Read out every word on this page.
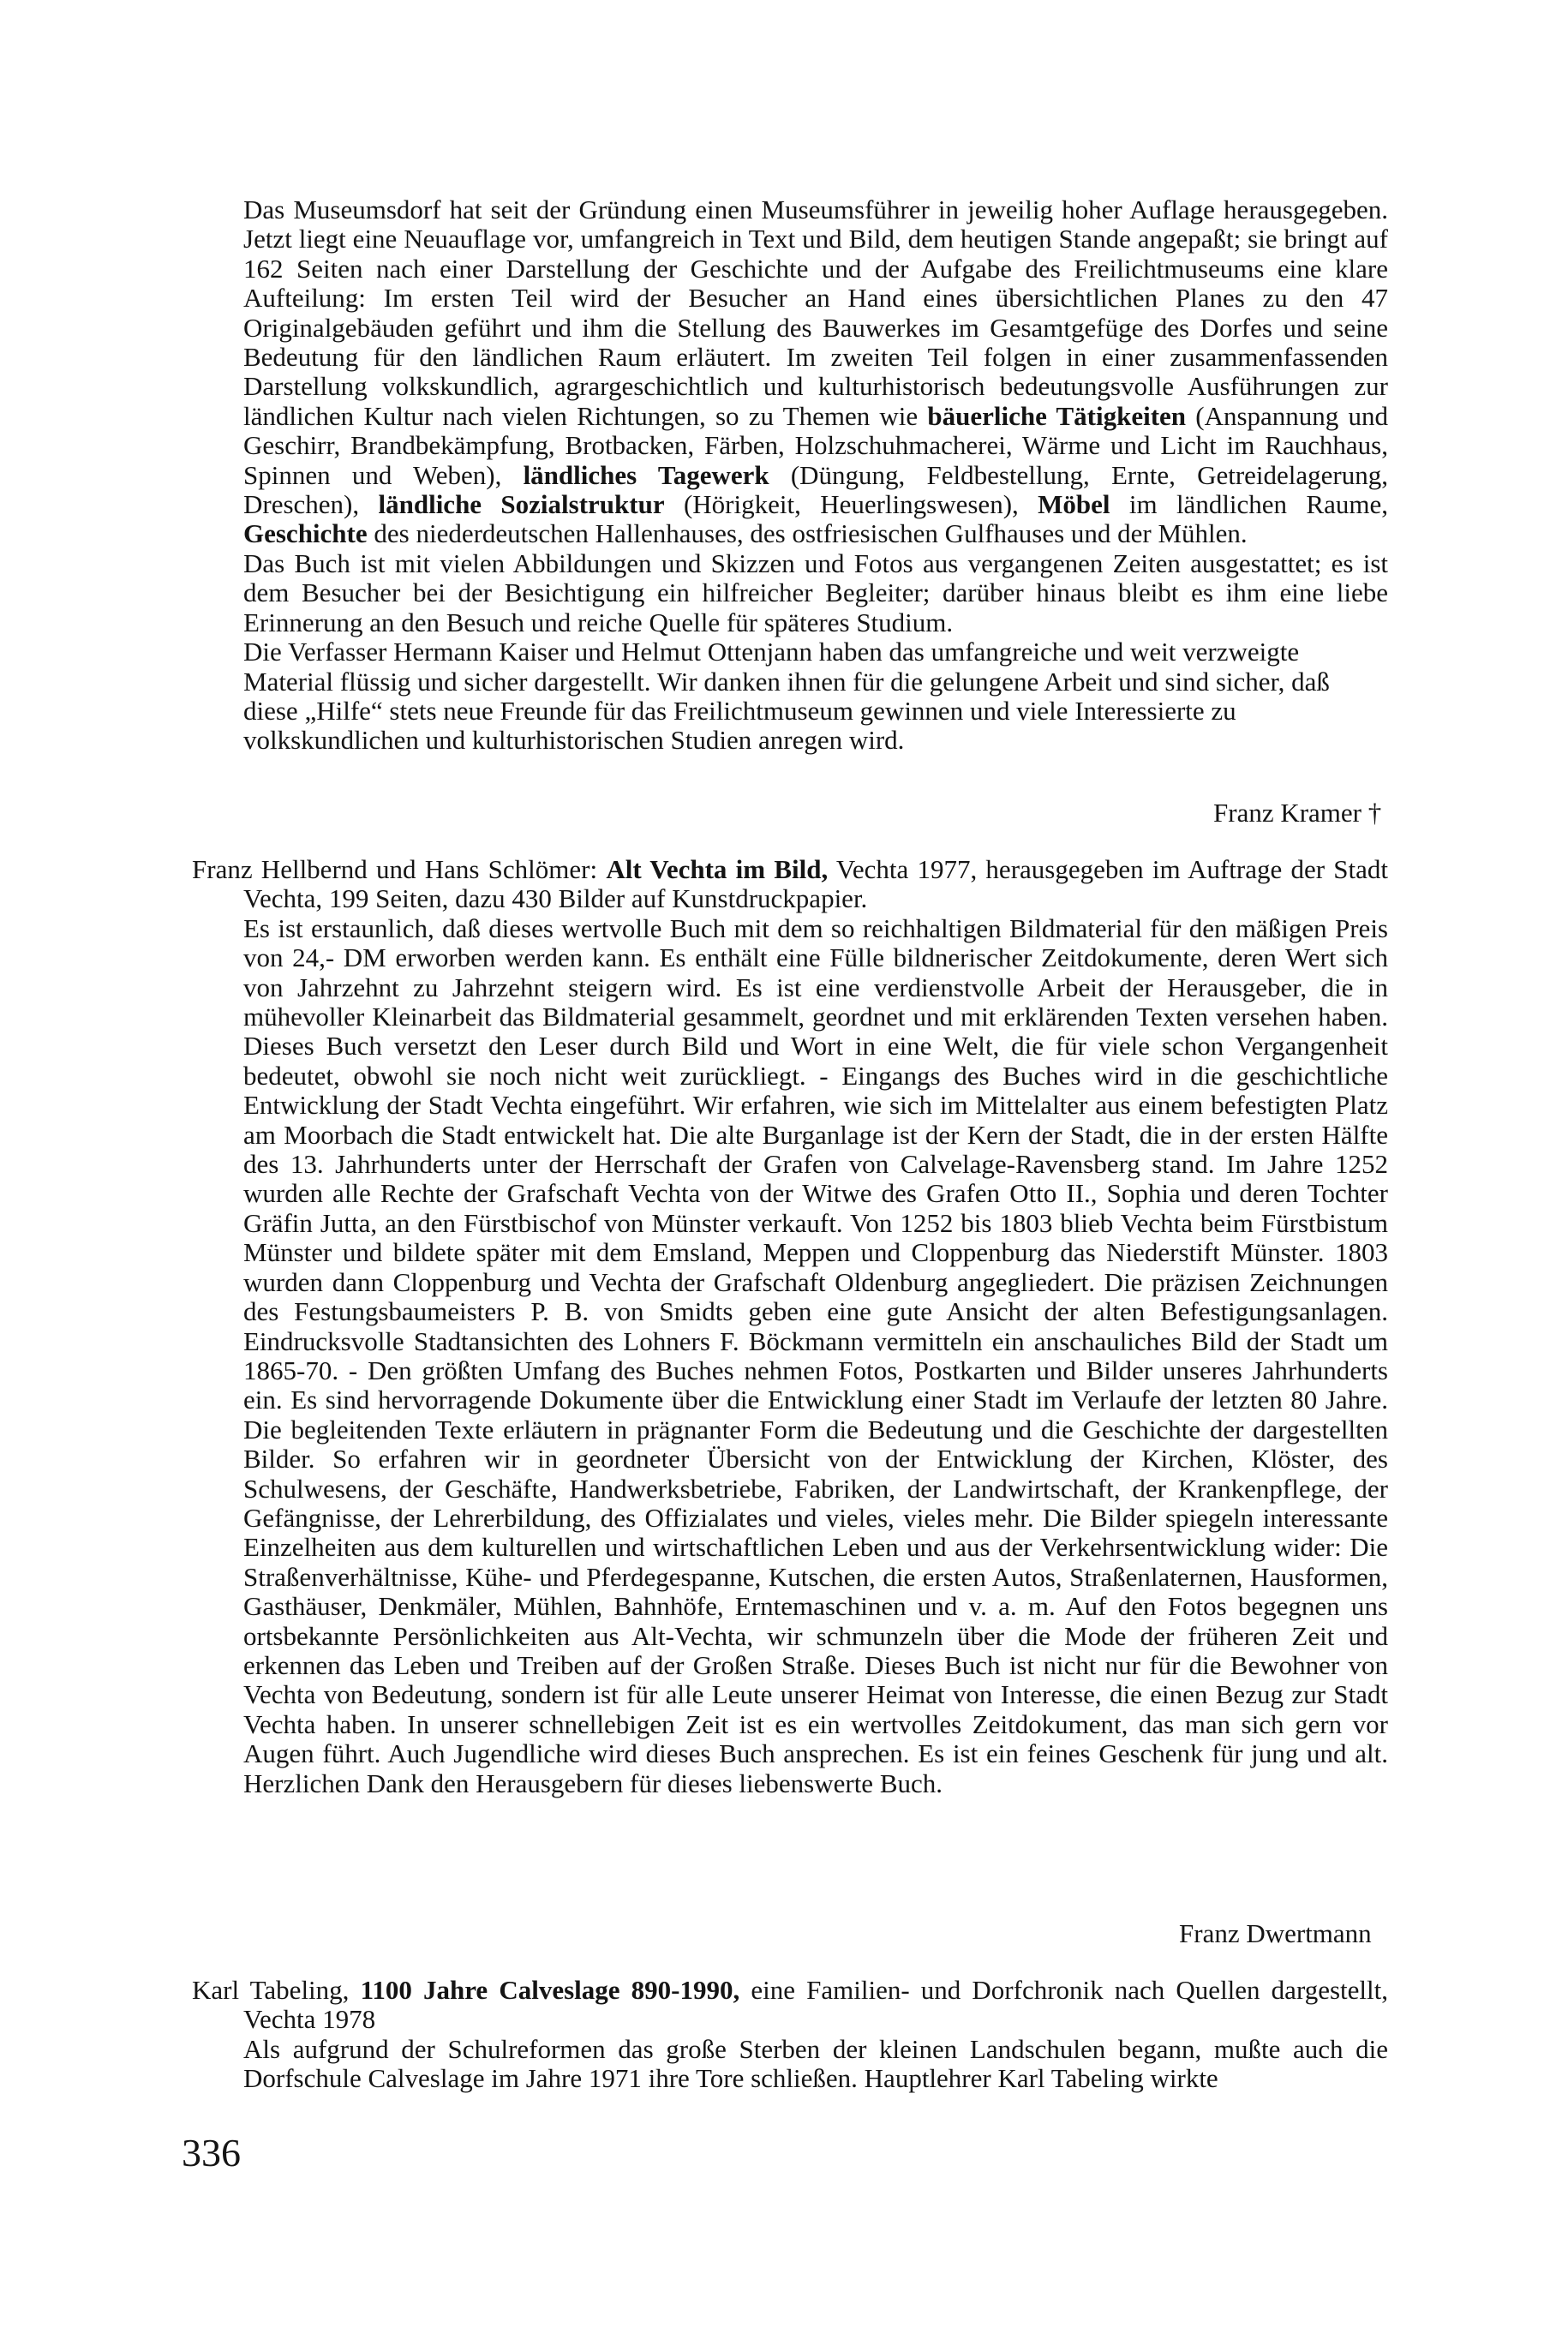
Das Museumsdorf hat seit der Gründung einen Museumsführer in jeweilig hoher Auflage herausgegeben. Jetzt liegt eine Neuauflage vor, umfangreich in Text und Bild, dem heutigen Stande angepaßt; sie bringt auf 162 Seiten nach einer Darstellung der Geschichte und der Aufgabe des Freilichtmuseums eine klare Aufteilung: Im ersten Teil wird der Besucher an Hand eines übersichtlichen Planes zu den 47 Originalgebäuden geführt und ihm die Stellung des Bauwerkes im Gesamtgefüge des Dorfes und seine Bedeutung für den ländlichen Raum erläutert. Im zweiten Teil folgen in einer zusammenfassenden Darstellung volkskundlich, agrargeschichtlich und kulturhistorisch bedeutungsvolle Ausführungen zur ländlichen Kultur nach vielen Richtungen, so zu Themen wie bäuerliche Tätigkeiten (Anspannung und Geschirr, Brandbekämpfung, Brotbacken, Färben, Holzschuhmacherei, Wärme und Licht im Rauchhaus, Spinnen und Weben), ländliches Tagewerk (Düngung, Feldbestellung, Ernte, Getreidelagerung, Dreschen), ländliche Sozialstruktur (Hörigkeit, Heuerlingswesen), Möbel im ländlichen Raume, Geschichte des niederdeutschen Hallenhauses, des ostfriesischen Gulfhauses und der Mühlen.

Das Buch ist mit vielen Abbildungen und Skizzen und Fotos aus vergangenen Zeiten ausgestattet; es ist dem Besucher bei der Besichtigung ein hilfreicher Begleiter; darüber hinaus bleibt es ihm eine liebe Erinnerung an den Besuch und reiche Quelle für späteres Studium.

Die Verfasser Hermann Kaiser und Helmut Ottenjann haben das umfangreiche und weit verzweigte Material flüssig und sicher dargestellt. Wir danken ihnen für die gelungene Arbeit und sind sicher, daß diese „Hilfe“ stets neue Freunde für das Freilichtmuseum gewinnen und viele Interessierte zu volkskundlichen und kulturhistorischen Studien anregen wird.

Franz Kramer †

Franz Hellbernd und Hans Schlömer: Alt Vechta im Bild, Vechta 1977, herausgegeben im Auftrage der Stadt Vechta, 199 Seiten, dazu 430 Bilder auf Kunstdruckpapier.

Es ist erstaunlich, daß dieses wertvolle Buch mit dem so reichhaltigen Bildmaterial für den mäßigen Preis von 24,- DM erworben werden kann. Es enthält eine Fülle bildnerischer Zeitdokumente, deren Wert sich von Jahrzehnt zu Jahrzehnt steigern wird. Es ist eine verdienstvolle Arbeit der Herausgeber, die in mühevoller Kleinarbeit das Bildmaterial gesammelt, geordnet und mit erklärenden Texten versehen haben. Dieses Buch versetzt den Leser durch Bild und Wort in eine Welt, die für viele schon Vergangenheit bedeutet, obwohl sie noch nicht weit zurückliegt. - Eingangs des Buches wird in die geschichtliche Entwicklung der Stadt Vechta eingeführt. Wir erfahren, wie sich im Mittelalter aus einem befestigten Platz am Moorbach die Stadt entwickelt hat. Die alte Burganlage ist der Kern der Stadt, die in der ersten Hälfte des 13. Jahrhunderts unter der Herrschaft der Grafen von Calvelage-Ravensberg stand. Im Jahre 1252 wurden alle Rechte der Grafschaft Vechta von der Witwe des Grafen Otto II., Sophia und deren Tochter Gräfin Jutta, an den Fürstbischof von Münster verkauft. Von 1252 bis 1803 blieb Vechta beim Fürstbistum Münster und bildete später mit dem Emsland, Meppen und Cloppenburg das Niederstift Münster. 1803 wurden dann Cloppenburg und Vechta der Grafschaft Oldenburg angegliedert. Die präzisen Zeichnungen des Festungsbaumeisters P. B. von Smidts geben eine gute Ansicht der alten Befestigungsanlagen. Eindrucksvolle Stadtansichten des Lohners F. Böckmann vermitteln ein anschauliches Bild der Stadt um 1865-70. - Den größten Umfang des Buches nehmen Fotos, Postkarten und Bilder unseres Jahrhunderts ein. Es sind hervorragende Dokumente über die Entwicklung einer Stadt im Verlaufe der letzten 80 Jahre. Die begleitenden Texte erläutern in prägnanter Form die Bedeutung und die Geschichte der dargestellten Bilder. So erfahren wir in geordneter Übersicht von der Entwicklung der Kirchen, Klöster, des Schulwesens, der Geschäfte, Handwerksbetriebe, Fabriken, der Landwirtschaft, der Krankenpflege, der Gefängnisse, der Lehrerbildung, des Offizialates und vieles, vieles mehr. Die Bilder spiegeln interessante Einzelheiten aus dem kulturellen und wirtschaftlichen Leben und aus der Verkehrsentwicklung wider: Die Straßenverhältnisse, Kühe- und Pferdegespanne, Kutschen, die ersten Autos, Straßenlaternen, Hausformen, Gasthäuser, Denkmäler, Mühlen, Bahnhöfe, Erntemaschinen und v. a. m. Auf den Fotos begegnen uns ortsbekannte Persönlichkeiten aus Alt-Vechta, wir schmunzeln über die Mode der früheren Zeit und erkennen das Leben und Treiben auf der Großen Straße. Dieses Buch ist nicht nur für die Bewohner von Vechta von Bedeutung, sondern ist für alle Leute unserer Heimat von Interesse, die einen Bezug zur Stadt Vechta haben. In unserer schnellebigen Zeit ist es ein wertvolles Zeitdokument, das man sich gern vor Augen führt. Auch Jugendliche wird dieses Buch ansprechen. Es ist ein feines Geschenk für jung und alt. Herzlichen Dank den Herausgebern für dieses liebenswerte Buch.

Franz Dwertmann

Karl Tabeling, 1100 Jahre Calveslage 890-1990, eine Familien- und Dorfchronik nach Quellen dargestellt, Vechta 1978

Als aufgrund der Schulreformen das große Sterben der kleinen Landschulen begann, mußte auch die Dorfschule Calveslage im Jahre 1971 ihre Tore schließen. Hauptlehrer Karl Tabeling wirkte

336
